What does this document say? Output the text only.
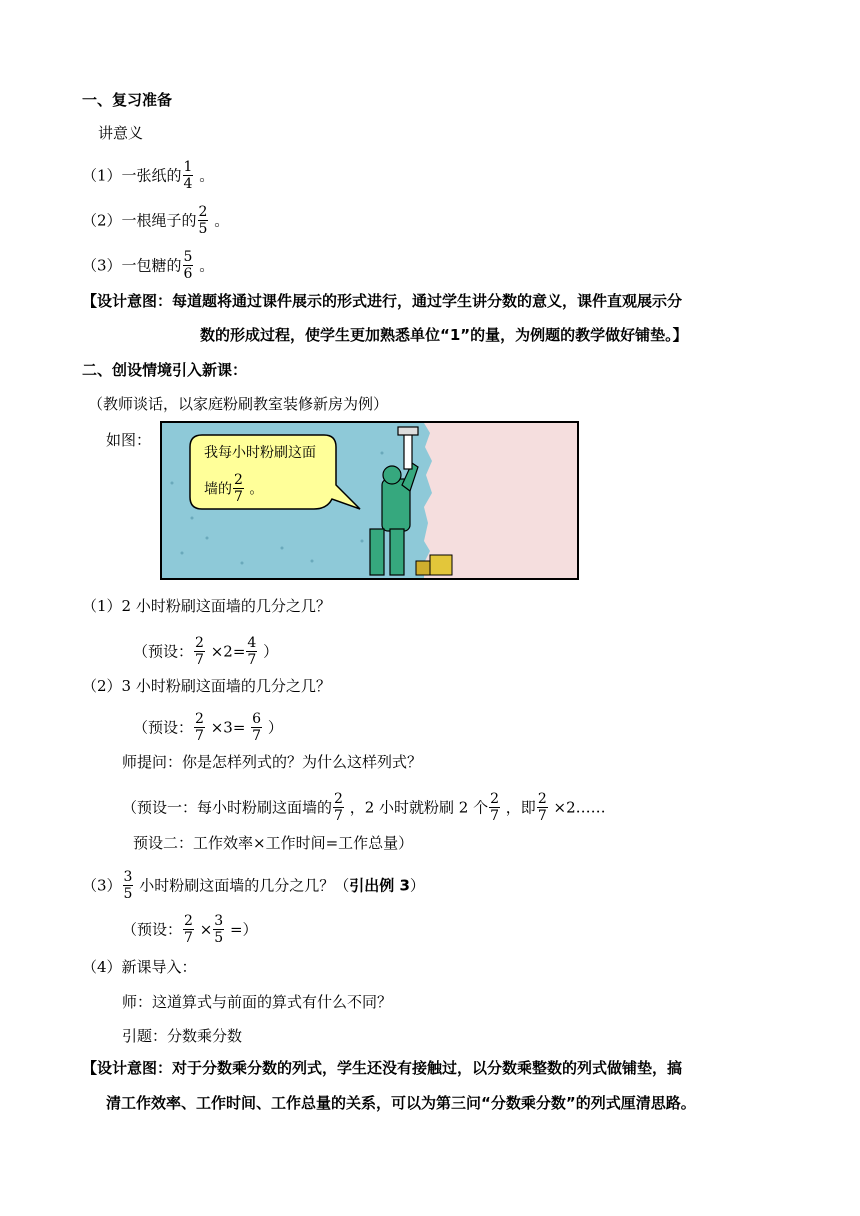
一、复习准备
讲意义
（1）一张纸的 $\frac{1}{4}$ 。
（2）一根绳子的 $\frac{2}{5}$ 。
（3）一包糖的 $\frac{5}{6}$ 。
【设计意图：每道题将通过课件展示的形式进行，通过学生讲分数的意义，课件直观展示分
数的形成过程，使学生更加熟悉单位“1”的量，为例题的教学做好铺垫。】
二、创设情境引入新课：
（教师谈话，以家庭粉刷教室装修新房为例）
如图：
我每小时粉刷这面
墙的 $\frac{2}{7}$ 。
（1）2 小时粉刷这面墙的几分之几？
（预设： $\frac{2}{7} \times 2= \frac{4}{7}$ ）
（2）3 小时粉刷这面墙的几分之几？
（预设： $\frac{2}{7} \times 3= \frac{6}{7}$ ）
师提问：你是怎样列式的？为什么这样列式？
（预设一：每小时粉刷这面墙的 $\frac{2}{7}$ ，2 小时就粉刷 2 个 $\frac{2}{7}$ ，即 $\frac{2}{7}$ ×2……
预设二：工作效率×工作时间=工作总量）
$(3) \frac{3}{5}$ 小时粉刷这面墙的几分之几？（引出例 3）
（预设： $\frac{2}{7} \times \frac{3}{5}$ =）
（4）新课导入：
师：这道算式与前面的算式有什么不同？
引题：分数乘分数
【设计意图：对于分数乘分数的列式，学生还没有接触过，以分数乘整数的列式做铺垫，搞
清工作效率、工作时间、工作总量的关系，可以为第三问“分数乘分数”的列式厘清思路。
